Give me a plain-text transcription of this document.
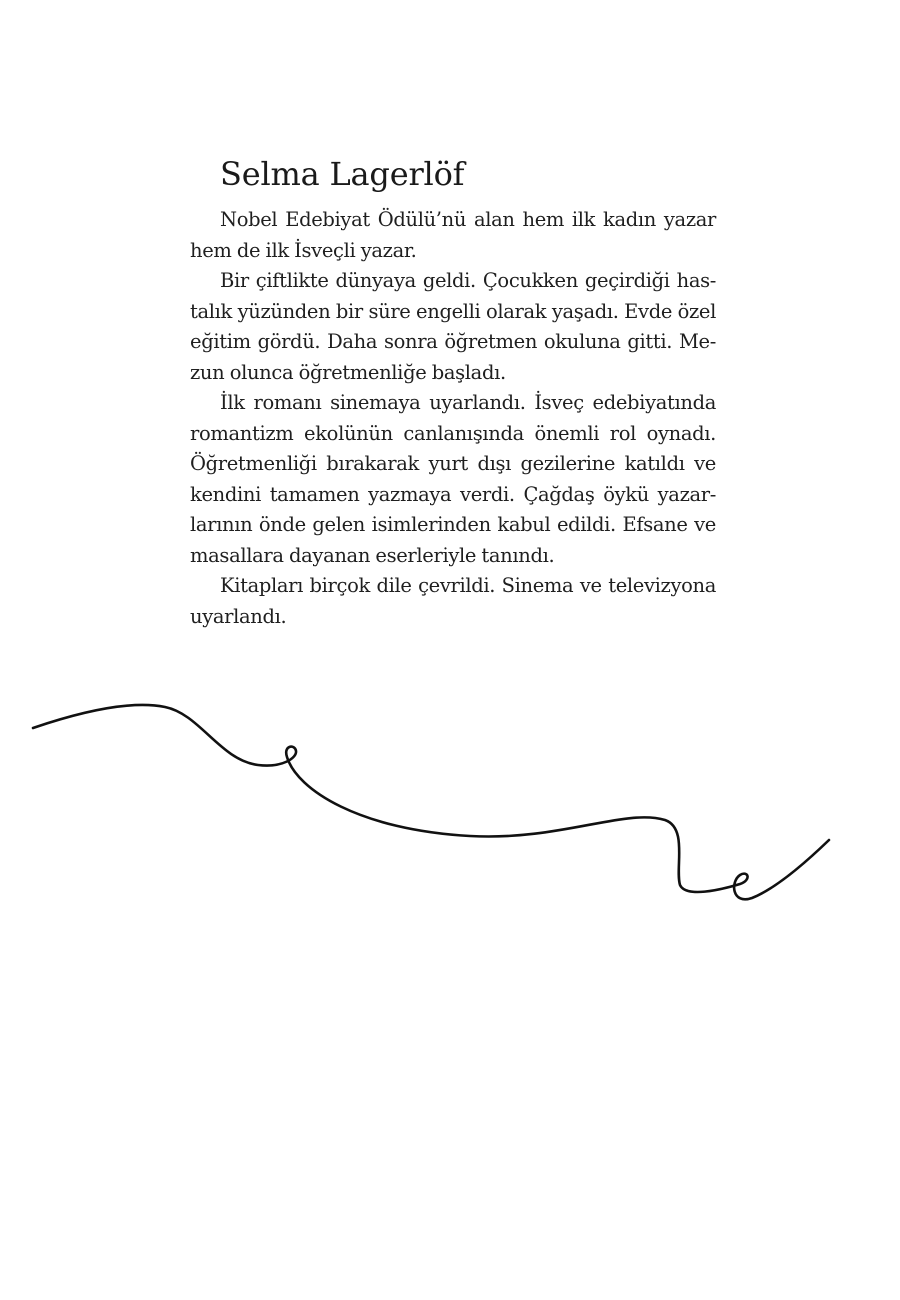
Selma Lagerlöf
Nobel Edebiyat Ödülü’nü alan hem ilk kadın yazar
hem de ilk İsveçli yazar.
Bir çiftlikte dünyaya geldi. Çocukken geçirdiği has-
talık yüzünden bir süre engelli olarak yaşadı. Evde özel
eğitim gördü. Daha sonra öğretmen okuluna gitti. Me-
zun olunca öğretmenliğe başladı.
İlk romanı sinemaya uyarlandı. İsveç edebiyatında
romantizm ekolünün canlanışında önemli rol oynadı.
Öğretmenliği bırakarak yurt dışı gezilerine katıldı ve
kendini tamamen yazmaya verdi. Çağdaş öykü yazar-
larının önde gelen isimlerinden kabul edildi. Efsane ve
masallara dayanan eserleriyle tanındı.
Kitapları birçok dile çevrildi. Sinema ve televizyona
uyarlandı.
